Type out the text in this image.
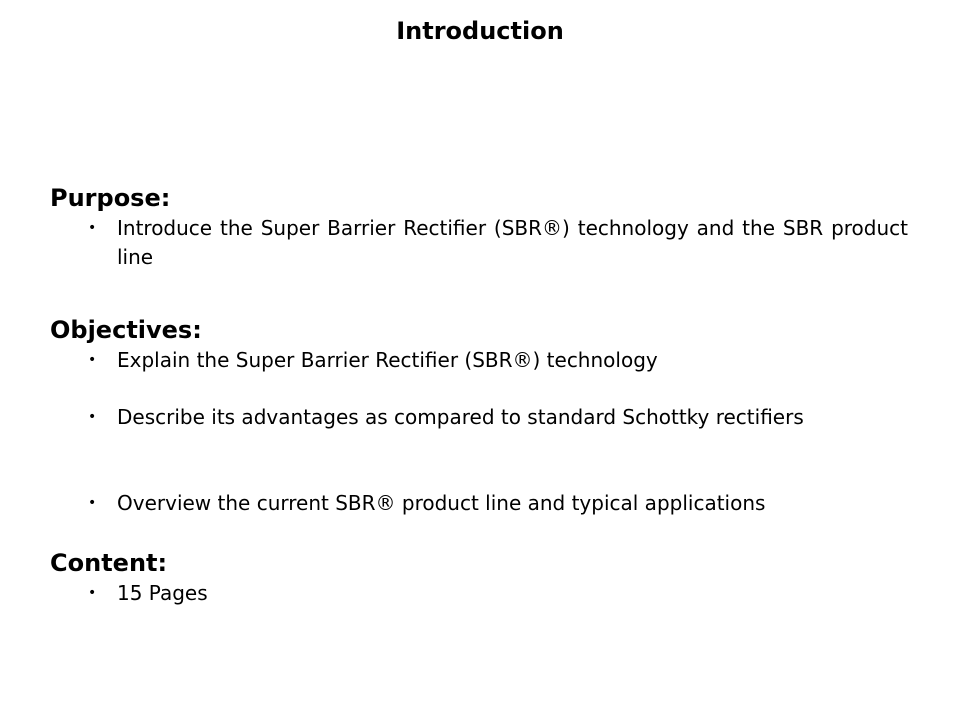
Introduction
Purpose:
• Introduce the Super Barrier Rectifier (SBR®) technology and the SBR product line
Objectives:
• Explain the Super Barrier Rectifier (SBR®) technology
• Describe its advantages as compared to standard Schottky rectifiers
• Overview the current SBR® product line and typical applications
Content:
• 15 Pages
